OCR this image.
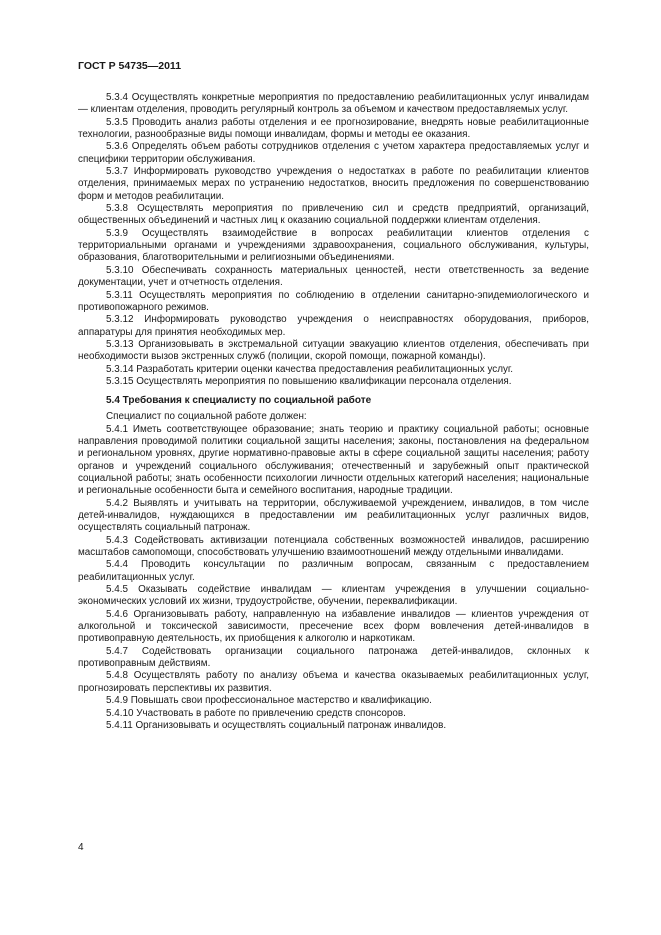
ГОСТ Р 54735—2011

5.3.4 Осуществлять конкретные мероприятия по предоставлению реабилитационных услуг инвалидам — клиентам отделения, проводить регулярный контроль за объемом и качеством предоставляемых услуг.

5.3.5 Проводить анализ работы отделения и ее прогнозирование, внедрять новые реабилитационные технологии, разнообразные виды помощи инвалидам, формы и методы ее оказания.

5.3.6 Определять объем работы сотрудников отделения с учетом характера предоставляемых услуг и специфики территории обслуживания.

5.3.7 Информировать руководство учреждения о недостатках в работе по реабилитации клиентов отделения, принимаемых мерах по устранению недостатков, вносить предложения по совершенствованию форм и методов реабилитации.

5.3.8 Осуществлять мероприятия по привлечению сил и средств предприятий, организаций, общественных объединений и частных лиц к оказанию социальной поддержки клиентам отделения.

5.3.9 Осуществлять взаимодействие в вопросах реабилитации клиентов отделения с территориальными органами и учреждениями здравоохранения, социального обслуживания, культуры, образования, благотворительными и религиозными объединениями.

5.3.10 Обеспечивать сохранность материальных ценностей, нести ответственность за ведение документации, учет и отчетность отделения.

5.3.11 Осуществлять мероприятия по соблюдению в отделении санитарно-эпидемиологического и противопожарного режимов.

5.3.12 Информировать руководство учреждения о неисправностях оборудования, приборов, аппаратуры для принятия необходимых мер.

5.3.13 Организовывать в экстремальной ситуации эвакуацию клиентов отделения, обеспечивать при необходимости вызов экстренных служб (полиции, скорой помощи, пожарной команды).

5.3.14 Разработать критерии оценки качества предоставления реабилитационных услуг.

5.3.15 Осуществлять мероприятия по повышению квалификации персонала отделения.

5.4 Требования к специалисту по социальной работе

Специалист по социальной работе должен:

5.4.1 Иметь соответствующее образование; знать теорию и практику социальной работы; основные направления проводимой политики социальной защиты населения; законы, постановления на федеральном и региональном уровнях, другие нормативно-правовые акты в сфере социальной защиты населения; работу органов и учреждений социального обслуживания; отечественный и зарубежный опыт практической социальной работы; знать особенности психологии личности отдельных категорий населения; национальные и региональные особенности быта и семейного воспитания, народные традиции.

5.4.2 Выявлять и учитывать на территории, обслуживаемой учреждением, инвалидов, в том числе детей-инвалидов, нуждающихся в предоставлении им реабилитационных услуг различных видов, осуществлять социальный патронаж.

5.4.3 Содействовать активизации потенциала собственных возможностей инвалидов, расширению масштабов самопомощи, способствовать улучшению взаимоотношений между отдельными инвалидами.

5.4.4 Проводить консультации по различным вопросам, связанным с предоставлением реабилитационных услуг.

5.4.5 Оказывать содействие инвалидам — клиентам учреждения в улучшении социально-экономических условий их жизни, трудоустройстве, обучении, переквалификации.

5.4.6 Организовывать работу, направленную на избавление инвалидов — клиентов учреждения от алкогольной и токсической зависимости, пресечение всех форм вовлечения детей-инвалидов в противоправную деятельность, их приобщения к алкоголю и наркотикам.

5.4.7 Содействовать организации социального патронажа детей-инвалидов, склонных к противоправным действиям.

5.4.8 Осуществлять работу по анализу объема и качества оказываемых реабилитационных услуг, прогнозировать перспективы их развития.

5.4.9 Повышать свои профессиональное мастерство и квалификацию.

5.4.10 Участвовать в работе по привлечению средств спонсоров.

5.4.11 Организовывать и осуществлять социальный патронаж инвалидов.

4
